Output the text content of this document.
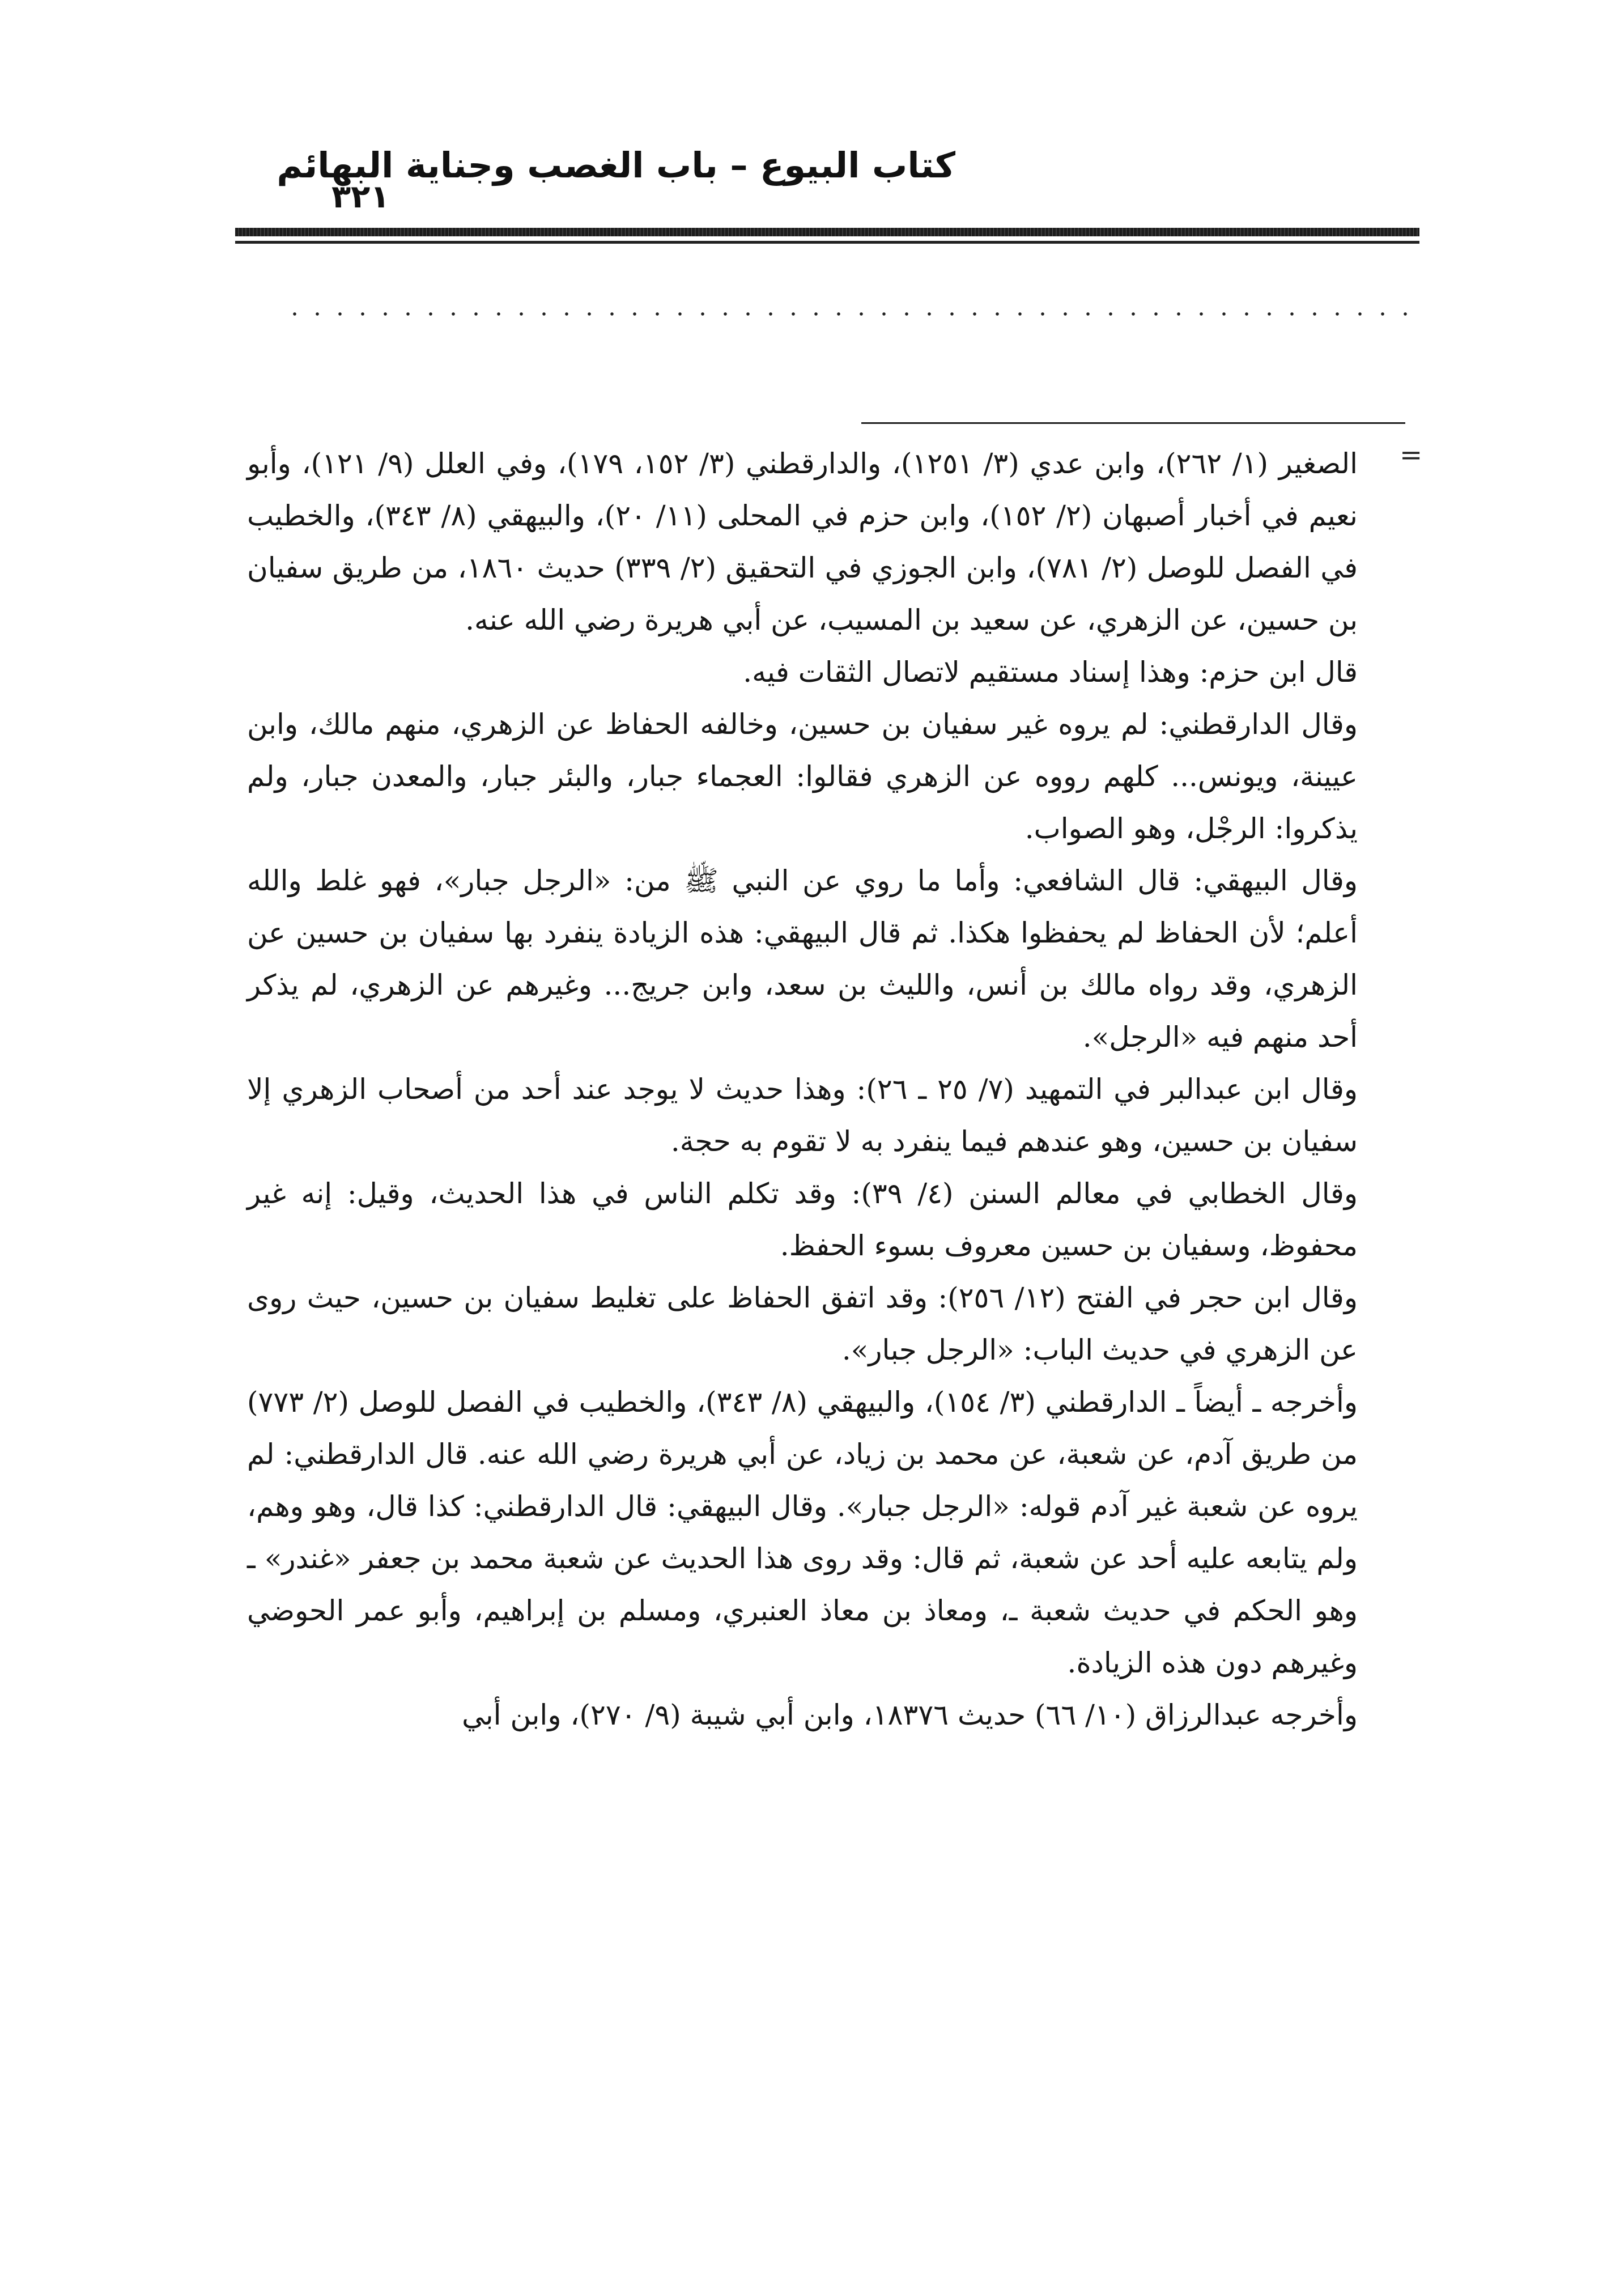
كتاب البيوع – باب الغصب وجناية البهائم
٣٢١
=

الصغير (١/ ٢٦٢)، وابن عدي (٣/ ١٢٥١)، والدارقطني (٣/ ١٥٢، ١٧٩)، وفي العلل (٩/ ١٢١)، وأبو نعيم في أخبار أصبهان (٢/ ١٥٢)، وابن حزم في المحلى (١١/ ٢٠)، والبيهقي (٨/ ٣٤٣)، والخطيب في الفصل للوصل (٢/ ٧٨١)، وابن الجوزي في التحقيق (٢/ ٣٣٩) حديث ١٨٦٠، من طريق سفيان بن حسين، عن الزهري، عن سعيد بن المسيب، عن أبي هريرة رضي الله عنه.

قال ابن حزم: وهذا إسناد مستقيم لاتصال الثقات فيه.

وقال الدارقطني: لم يروه غير سفيان بن حسين، وخالفه الحفاظ عن الزهري، منهم مالك، وابن عيينة، ويونس... كلهم رووه عن الزهري فقالوا: العجماء جبار، والبئر جبار، والمعدن جبار، ولم يذكروا: الرجْل، وهو الصواب.

وقال البيهقي: قال الشافعي: وأما ما روي عن النبي ﷺ من: «الرجل جبار»، فهو غلط والله أعلم؛ لأن الحفاظ لم يحفظوا هكذا. ثم قال البيهقي: هذه الزيادة ينفرد بها سفيان بن حسين عن الزهري، وقد رواه مالك بن أنس، والليث بن سعد، وابن جريج... وغيرهم عن الزهري، لم يذكر أحد منهم فيه «الرجل».

وقال ابن عبدالبر في التمهيد (٧/ ٢٥ ـ ٢٦): وهذا حديث لا يوجد عند أحد من أصحاب الزهري إلا سفيان بن حسين، وهو عندهم فيما ينفرد به لا تقوم به حجة.

وقال الخطابي في معالم السنن (٤/ ٣٩): وقد تكلم الناس في هذا الحديث، وقيل: إنه غير محفوظ، وسفيان بن حسين معروف بسوء الحفظ.

وقال ابن حجر في الفتح (١٢/ ٢٥٦): وقد اتفق الحفاظ على تغليط سفيان بن حسين، حيث روى عن الزهري في حديث الباب: «الرجل جبار».

وأخرجه ـ أيضاً ـ الدارقطني (٣/ ١٥٤)، والبيهقي (٨/ ٣٤٣)، والخطيب في الفصل للوصل (٢/ ٧٧٣) من طريق آدم، عن شعبة، عن محمد بن زياد، عن أبي هريرة رضي الله عنه. قال الدارقطني: لم يروه عن شعبة غير آدم قوله: «الرجل جبار». وقال البيهقي: قال الدارقطني: كذا قال، وهو وهم، ولم يتابعه عليه أحد عن شعبة، ثم قال: وقد روى هذا الحديث عن شعبة محمد بن جعفر «غندر» ـ وهو الحكم في حديث شعبة ـ، ومعاذ بن معاذ العنبري، ومسلم بن إبراهيم، وأبو عمر الحوضي وغيرهم دون هذه الزيادة.

وأخرجه عبدالرزاق (١٠/ ٦٦) حديث ١٨٣٧٦، وابن أبي شيبة (٩/ ٢٧٠)، وابن أبي
